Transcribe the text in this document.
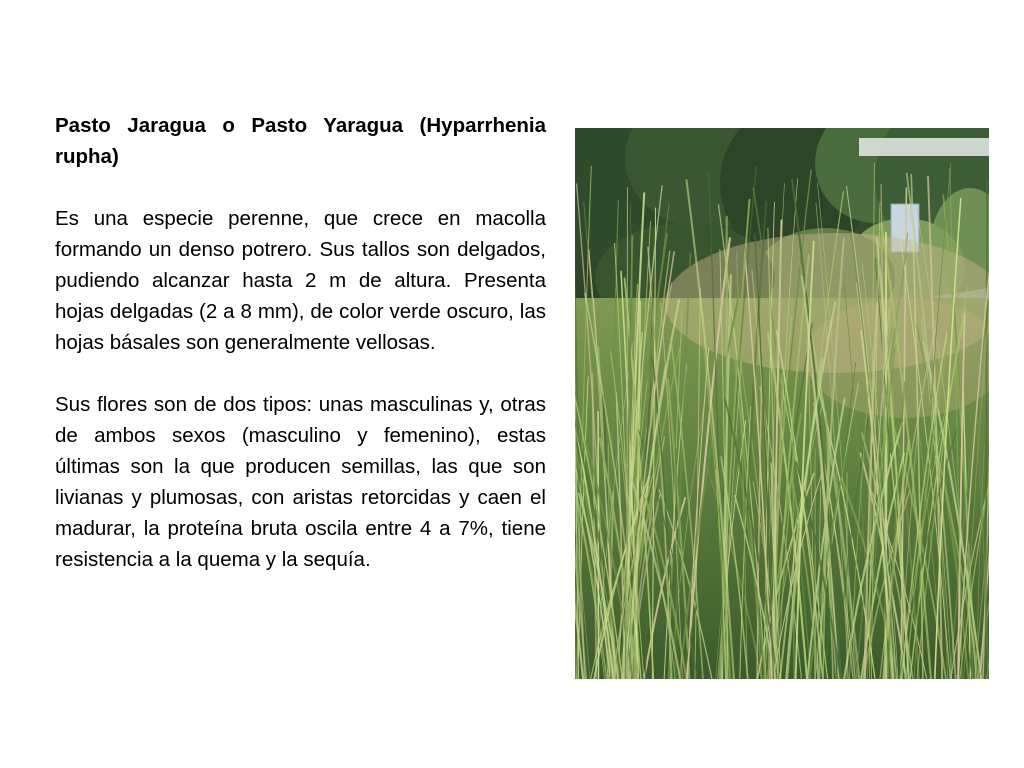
Pasto Jaragua o Pasto Yaragua (Hyparrhenia rupha)

Es una especie perenne, que crece en macolla formando un denso potrero. Sus tallos son delgados, pudiendo alcanzar hasta 2 m de altura. Presenta hojas delgadas (2 a 8 mm), de color verde oscuro, las hojas básales son generalmente vellosas.

Sus flores son de dos tipos: unas masculinas y, otras de ambos sexos (masculino y femenino), estas últimas son la que producen semillas, las que son livianas y plumosas, con aristas retorcidas y caen el madurar, la proteína bruta oscila entre 4 a 7%, tiene resistencia a la quema y la sequía.
